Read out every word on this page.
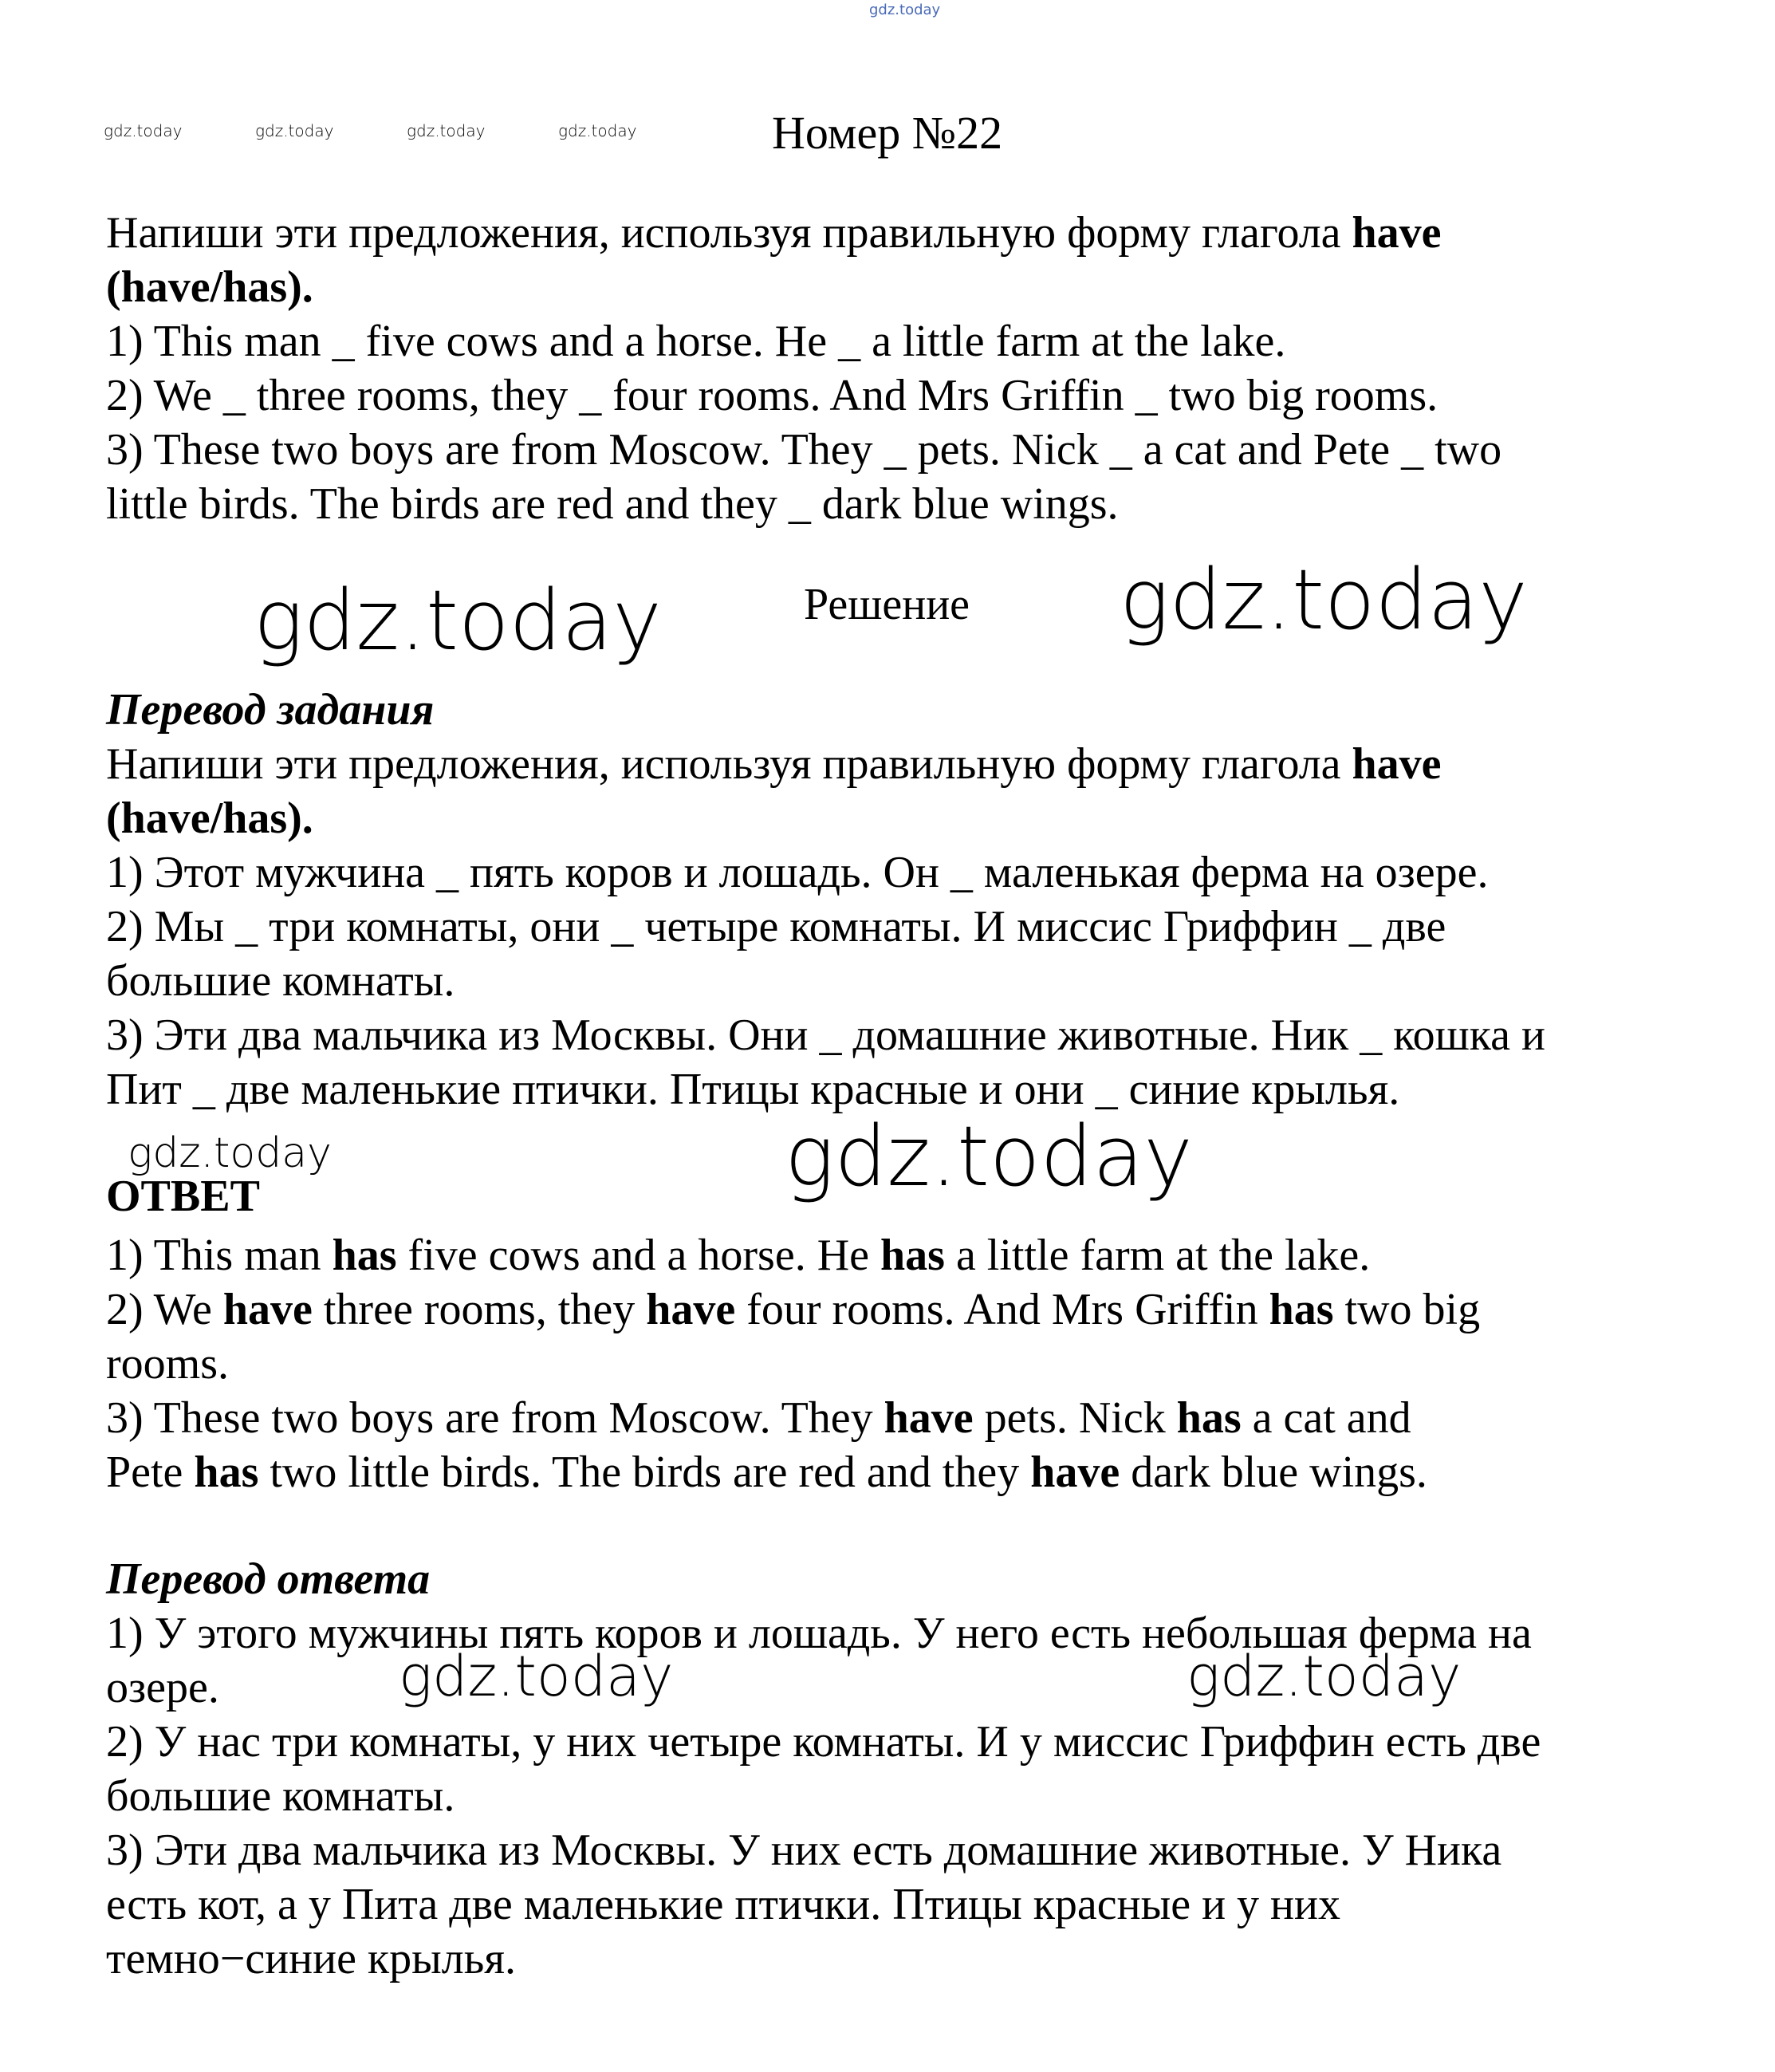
gdz.today
gdz.today	gdz.today	gdz.today	gdz.today	Номер №22
Напиши эти предложения, используя правильную форму глагола have
(have/has).
1) This man _ five cows and a horse. He _ a little farm at the lake.
2) We _ three rooms, they _ four rooms. And Mrs Griffin _ two big rooms.
3) These two boys are from Moscow. They _ pets. Nick _ a cat and Pete _ two
little birds. The birds are red and they _ dark blue wings.
gdz.today	Решение gdz.today
Перевод задания
Напиши эти предложения, используя правильную форму глагола have
(have/has).
1) Этот мужчина _ пять коров и лошадь. Он _ маленькая ферма на озере.
2) Мы _ три комнаты, они _ четыре комнаты. И миссис Гриффин _ две
большие комнаты.
3) Эти два мальчика из Москвы. Они _ домашние животные. Ник _ кошка и
Пит _ две маленькие птички. Птицы красные и они _ синие крылья.
gdz.today	gdz.today
ОТВЕТ
1) This man has five cows and a horse. He has a little farm at the lake.
2) We have three rooms, they have four rooms. And Mrs Griffin has two big
rooms.
3) These two boys are from Moscow. They have pets. Nick has a cat and
Pete has two little birds. The birds are red and they have dark blue wings.
Перевод ответа
1) У этого мужчины пять коров и лошадь. У него есть небольшая ферма на
озере.	gdz.today	gdz.today
2) У нас три комнаты, у них четыре комнаты. И у миссис Гриффин есть две
большие комнаты.
3) Эти два мальчика из Москвы. У них есть домашние животные. У Ника
есть кот, а у Пита две маленькие птички. Птицы красные и у них
темно−синие крылья.
